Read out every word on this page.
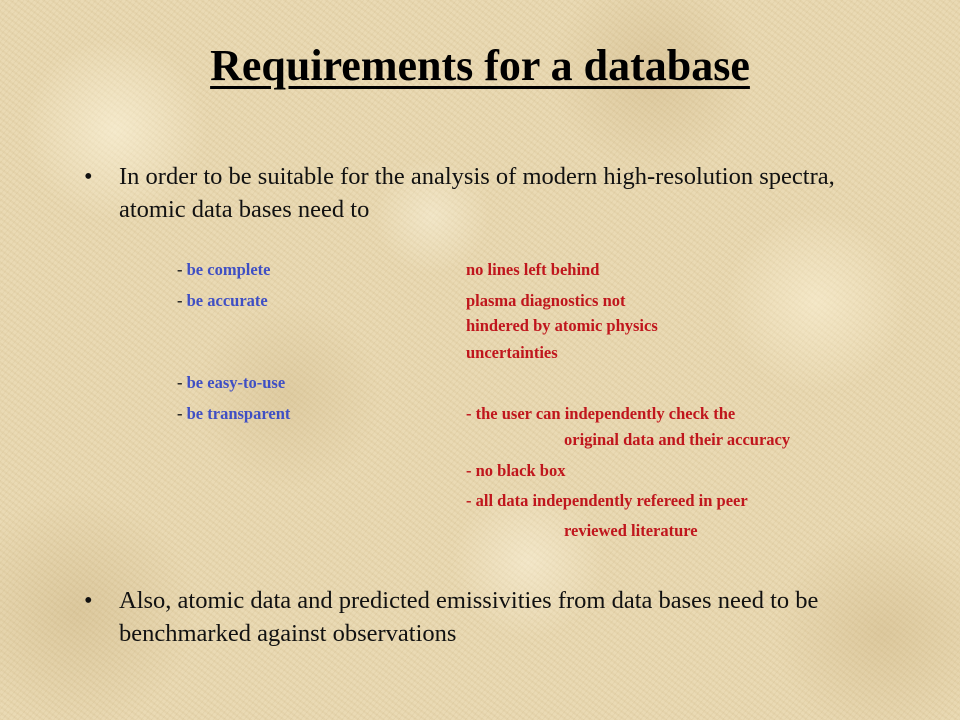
Requirements for a database
•	In order to be suitable for the analysis of modern high-resolution spectra, atomic data bases need to
- be complete	no lines left behind
- be accurate	plasma diagnostics not
hindered by atomic physics
uncertainties
- be easy-to-use
- be transparent	- the user can independently check the
original data and their accuracy
- no black box
- all data independently refereed in peer
reviewed literature
•	Also, atomic data and predicted emissivities from data bases need to be benchmarked against observations
